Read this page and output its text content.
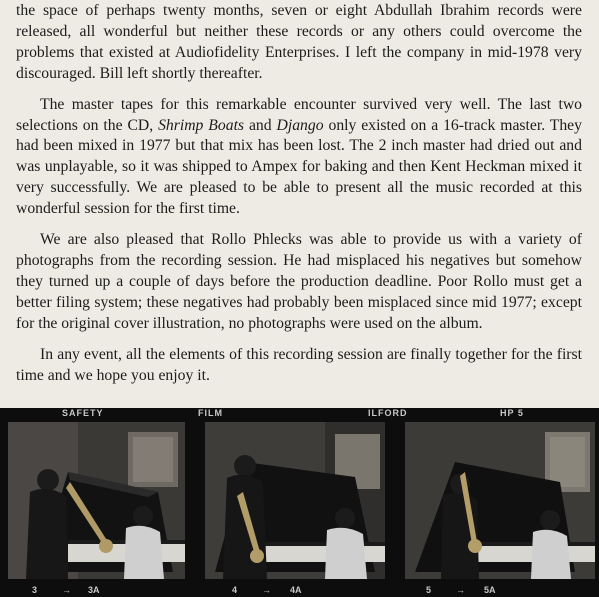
the space of perhaps twenty months, seven or eight Abdullah Ibrahim records were released, all wonderful but neither these records or any others could overcome the problems that existed at Audiofidelity Enterprises. I left the company in mid-1978 very discouraged. Bill left shortly thereafter.

The master tapes for this remarkable encounter survived very well. The last two selections on the CD, Shrimp Boats and Django only existed on a 16-track master. They had been mixed in 1977 but that mix has been lost. The 2 inch master had dried out and was unplayable, so it was shipped to Ampex for baking and then Kent Heckman mixed it very successfully. We are pleased to be able to present all the music recorded at this wonderful session for the first time.

We are also pleased that Rollo Phlecks was able to provide us with a variety of photographs from the recording session. He had misplaced his negatives but somehow they turned up a couple of days before the production deadline. Poor Rollo must get a better filing system; these negatives had probably been misplaced since mid 1977; except for the original cover illustration, no photographs were used on the album.

In any event, all the elements of this recording session are finally together for the first time and we hope you enjoy it.

SAFETY	FILM	ILFORD	HP 5
3	→ 3A	4	→ 4A	5	→ 5A
